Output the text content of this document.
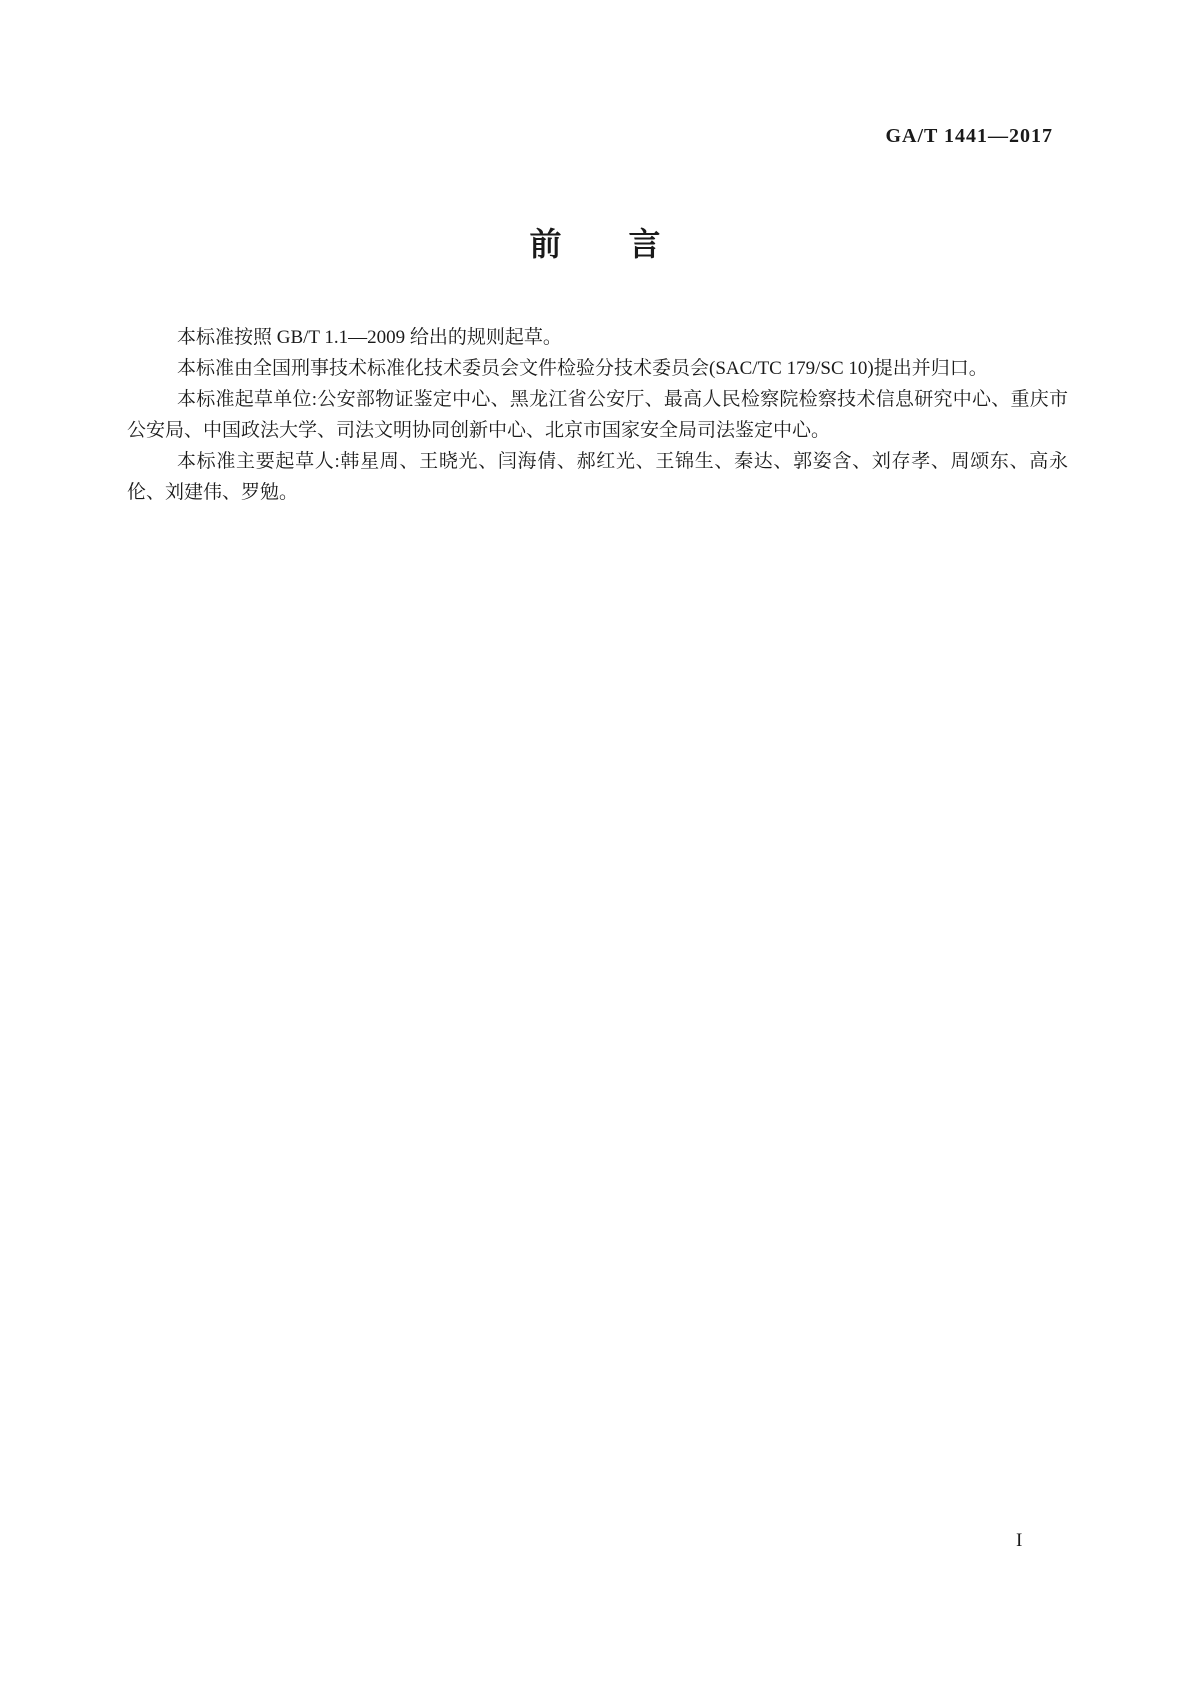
GA/T 1441—2017
前　　言

本标准按照 GB/T 1.1—2009 给出的规则起草。

本标准由全国刑事技术标准化技术委员会文件检验分技术委员会(SAC/TC 179/SC 10)提出并归口。

本标准起草单位:公安部物证鉴定中心、黑龙江省公安厅、最高人民检察院检察技术信息研究中心、重庆市公安局、中国政法大学、司法文明协同创新中心、北京市国家安全局司法鉴定中心。

本标准主要起草人:韩星周、王晓光、闫海倩、郝红光、王锦生、秦达、郭姿含、刘存孝、周颂东、高永伦、刘建伟、罗勉。

I
